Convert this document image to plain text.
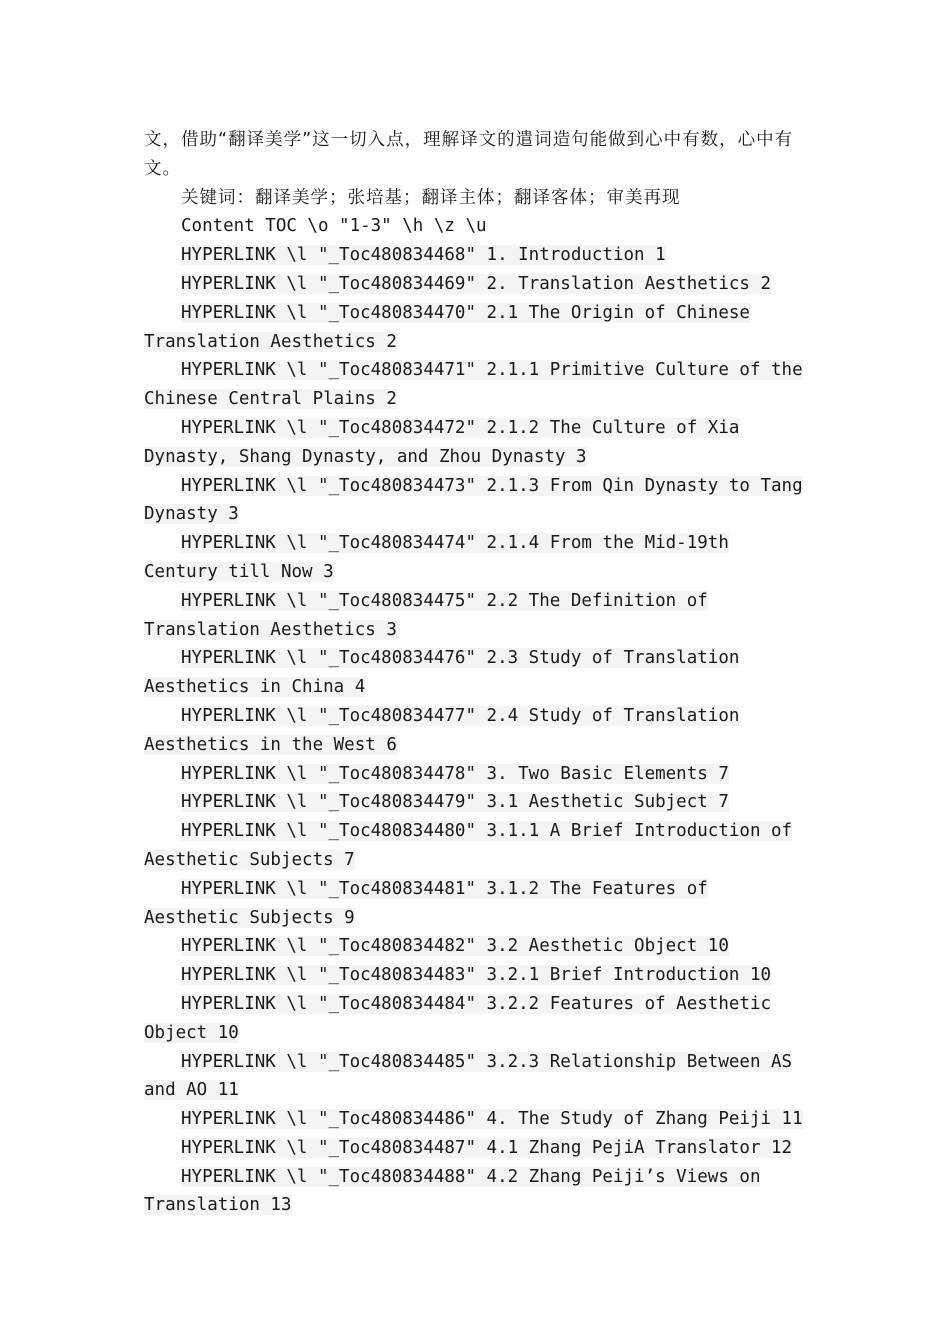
文，借助“翻译美学”这一切入点，理解译文的遣词造句能做到心中有数，心中有文。

关键词：翻译美学；张培基；翻译主体；翻译客体；审美再现

Content TOC \o "1-3" \h \z \u

HYPERLINK \l "_Toc480834468" 1. Introduction 1

HYPERLINK \l "_Toc480834469" 2. Translation Aesthetics 2

HYPERLINK \l "_Toc480834470" 2.1 The Origin of Chinese Translation Aesthetics 2

HYPERLINK \l "_Toc480834471" 2.1.1 Primitive Culture of the Chinese Central Plains 2

HYPERLINK \l "_Toc480834472" 2.1.2 The Culture of Xia Dynasty, Shang Dynasty, and Zhou Dynasty 3

HYPERLINK \l "_Toc480834473" 2.1.3 From Qin Dynasty to Tang Dynasty 3

HYPERLINK \l "_Toc480834474" 2.1.4 From the Mid-19th Century till Now 3

HYPERLINK \l "_Toc480834475" 2.2 The Definition of Translation Aesthetics 3

HYPERLINK \l "_Toc480834476" 2.3 Study of Translation Aesthetics in China 4

HYPERLINK \l "_Toc480834477" 2.4 Study of Translation Aesthetics in the West 6

HYPERLINK \l "_Toc480834478" 3. Two Basic Elements 7

HYPERLINK \l "_Toc480834479" 3.1 Aesthetic Subject 7

HYPERLINK \l "_Toc480834480" 3.1.1 A Brief Introduction of Aesthetic Subjects 7

HYPERLINK \l "_Toc480834481" 3.1.2 The Features of Aesthetic Subjects 9

HYPERLINK \l "_Toc480834482" 3.2 Aesthetic Object 10

HYPERLINK \l "_Toc480834483" 3.2.1 Brief Introduction 10

HYPERLINK \l "_Toc480834484" 3.2.2 Features of Aesthetic Object 10

HYPERLINK \l "_Toc480834485" 3.2.3 Relationship Between AS and AO 11

HYPERLINK \l "_Toc480834486" 4. The Study of Zhang Peiji 11

HYPERLINK \l "_Toc480834487" 4.1 Zhang PejiA Translator 12

HYPERLINK \l "_Toc480834488" 4.2 Zhang Peiji’s Views on Translation 13
